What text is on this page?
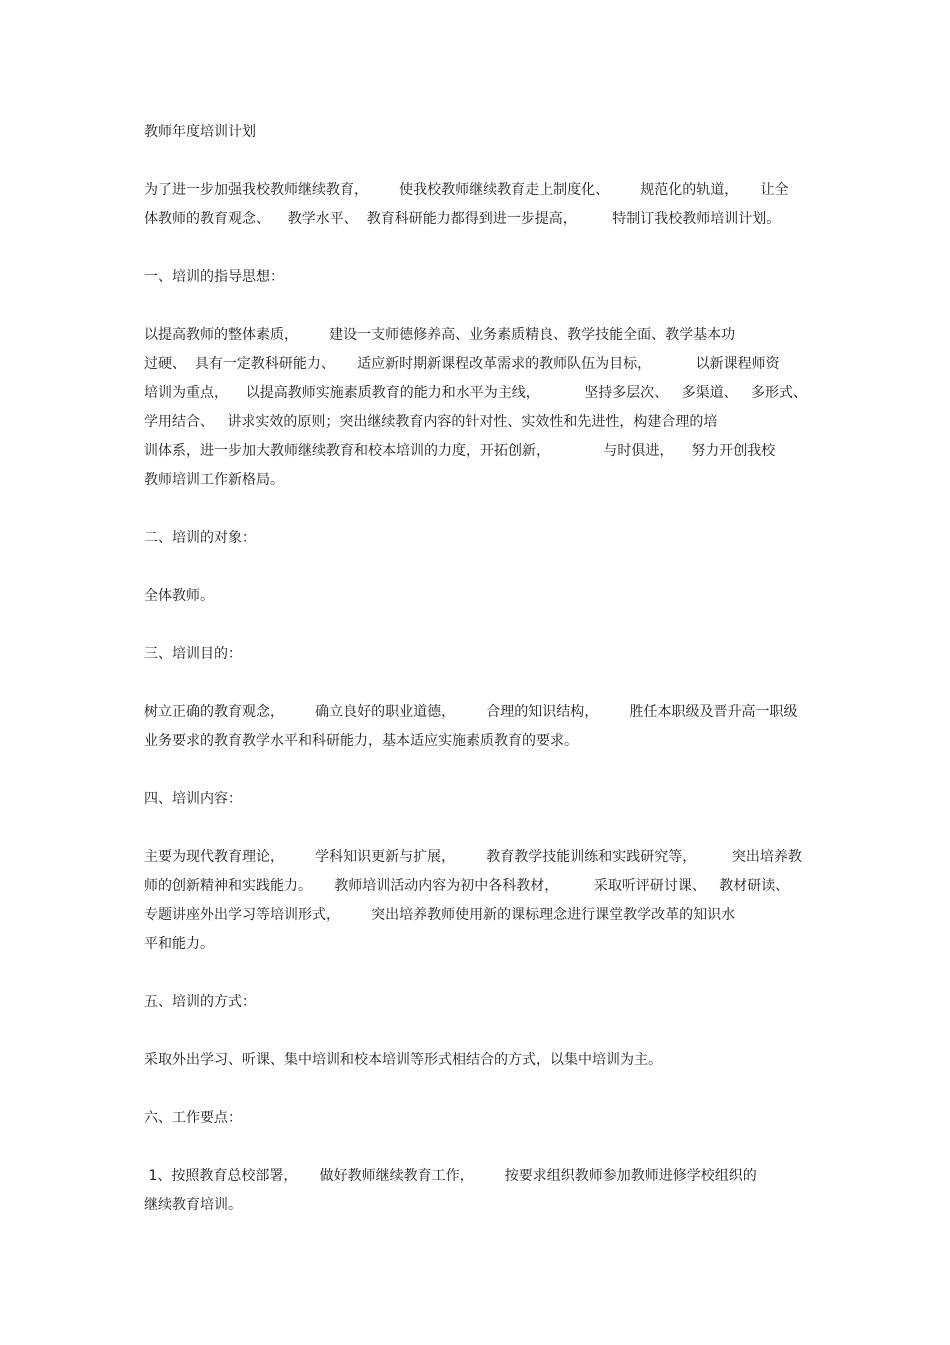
教师年度培训计划
为了进一步加强我校教师继续教育，       使我校教师继续教育走上制度化、       规范化的轨道，     让全
体教师的教育观念、    教学水平、  教育科研能力都得到进一步提高，        特制订我校教师培训计划。
一、培训的指导思想：
以提高教师的整体素质，       建设一支师德修养高、业务素质精良、教学技能全面、教学基本功
过硬、  具有一定教科研能力、     适应新时期新课程改革需求的教师队伍为目标，          以新课程师资
培训为重点，    以提高教师实施素质教育的能力和水平为主线，          坚持多层次、   多渠道、   多形式、
学用结合、   讲求实效的原则；突出继续教育内容的针对性、实效性和先进性，构建合理的培
训体系，进一步加大教师继续教育和校本培训的力度，开拓创新，            与时俱进，    努力开创我校
教师培训工作新格局。
二、培训的对象：
全体教师。
三、培训目的：
树立正确的教育观念，       确立良好的职业道德，       合理的知识结构，       胜任本职级及晋升高一职级
业务要求的教育教学水平和科研能力，基本适应实施素质教育的要求。
四、培训内容：
主要为现代教育理论，       学科知识更新与扩展，       教育教学技能训练和实践研究等，        突出培养教
师的创新精神和实践能力。     教师培训活动内容为初中各科教材，        采取听评研讨课、   教材研读、
专题讲座外出学习等培训形式，       突出培养教师使用新的课标理念进行课堂教学改革的知识水
平和能力。
五、培训的方式：
采取外出学习、听课、集中培训和校本培训等形式相结合的方式，以集中培训为主。
六、工作要点：
1、按照教育总校部署，     做好教师继续教育工作，       按要求组织教师参加教师进修学校组织的
继续教育培训。
